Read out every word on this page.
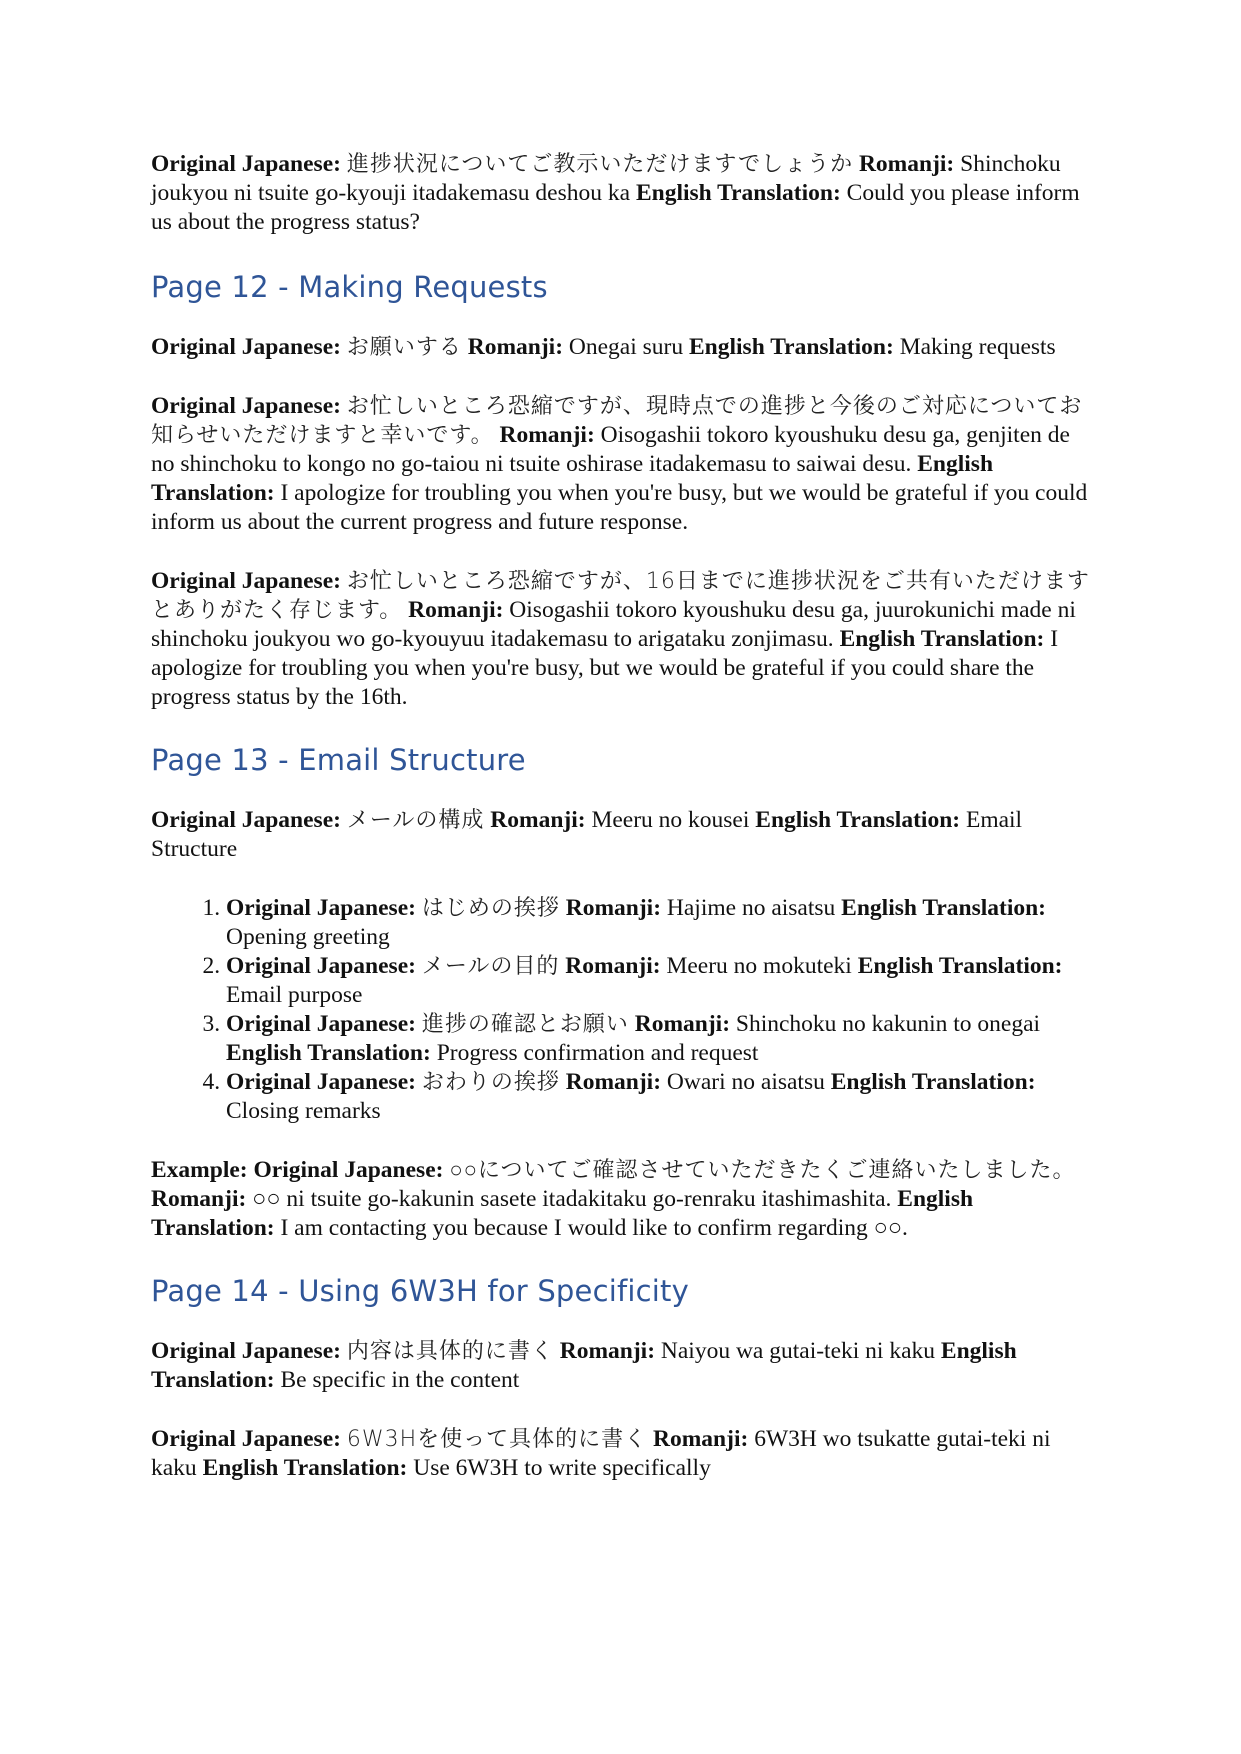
Original Japanese: 進捗状況についてご教示いただけますでしょうか Romanji: Shinchoku joukyou ni tsuite go-kyouji itadakemasu deshou ka English Translation: Could you please inform us about the progress status?

Page 12 - Making Requests

Original Japanese: お願いする Romanji: Onegai suru English Translation: Making requests

Original Japanese: お忙しいところ恐縮ですが、現時点での進捗と今後のご対応についてお知らせいただけますと幸いです。 Romanji: Oisogashii tokoro kyoushuku desu ga, genjiten de no shinchoku to kongo no go-taiou ni tsuite oshirase itadakemasu to saiwai desu. English Translation: I apologize for troubling you when you're busy, but we would be grateful if you could inform us about the current progress and future response.

Original Japanese: お忙しいところ恐縮ですが、16日までに進捗状況をご共有いただけますとありがたく存じます。 Romanji: Oisogashii tokoro kyoushuku desu ga, juurokunichi made ni shinchoku joukyou wo go-kyouyuu itadakemasu to arigataku zonjimasu. English Translation: I apologize for troubling you when you're busy, but we would be grateful if you could share the progress status by the 16th.

Page 13 - Email Structure

Original Japanese: メールの構成 Romanji: Meeru no kousei English Translation: Email Structure

1. Original Japanese: はじめの挨拶 Romanji: Hajime no aisatsu English Translation: Opening greeting
2. Original Japanese: メールの目的 Romanji: Meeru no mokuteki English Translation: Email purpose
3. Original Japanese: 進捗の確認とお願い Romanji: Shinchoku no kakunin to onegai English Translation: Progress confirmation and request
4. Original Japanese: おわりの挨拶 Romanji: Owari no aisatsu English Translation: Closing remarks

Example: Original Japanese: ○○についてご確認させていただきたくご連絡いたしました。 Romanji: ○○ ni tsuite go-kakunin sasete itadakitaku go-renraku itashimashita. English Translation: I am contacting you because I would like to confirm regarding ○○.

Page 14 - Using 6W3H for Specificity

Original Japanese: 内容は具体的に書く Romanji: Naiyou wa gutai-teki ni kaku English Translation: Be specific in the content

Original Japanese: 6W3Hを使って具体的に書く Romanji: 6W3H wo tsukatte gutai-teki ni kaku English Translation: Use 6W3H to write specifically
